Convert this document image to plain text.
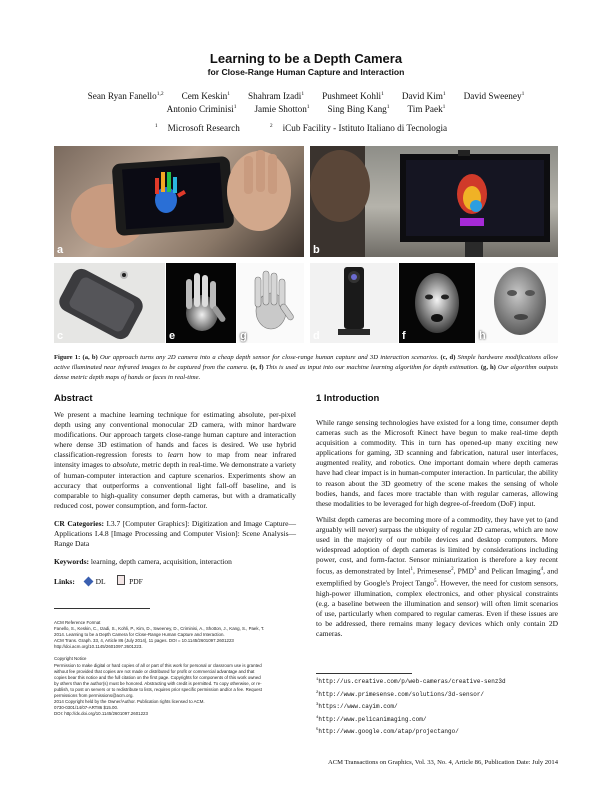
Learning to be a Depth Camera
for Close-Range Human Capture and Interaction
Sean Ryan Fanello$^{1,2}$ Cem Keskin$^1$ Shahram Izadi$^1$ Pushmeet Kohli$^1$ David Kim$^1$ David Sweeney$^1$
Antonio Criminisi$^1$ Jamie Shotton$^1$ Sing Bing Kang$^1$ Tim Paek$^1$
$^1$ Microsoft Research	$^2$ iCub Facility - Istituto Italiano di Tecnologia
a	b
c	e	g	d	f	h
Figure 1: (a, b) Our approach turns any 2D camera into a cheap depth sensor for close-range human capture and 3D interaction scenarios. (c, d) Simple hardware modifications allow active illuminated near infrared images to be captured from the camera. (e, f) This is used as input into our machine learning algorithm for depth estimation. (g, h) Our algorithm outputs dense metric depth maps of hands or faces in real-time.
Abstract

We present a machine learning technique for estimating absolute, per-pixel depth using any conventional monocular 2D camera, with minor hardware modifications. Our approach targets close-range human capture and interaction where dense 3D estimation of hands and faces is desired. We use hybrid classification-regression forests to learn how to map from near infrared intensity images to absolute, metric depth in real-time. We demonstrate a variety of human-computer interaction and capture scenarios. Experiments show an accuracy that outperforms a conventional light fall-off baseline, and is comparable to high-quality consumer depth cameras, but with a dramatically reduced cost, power consumption, and form-factor.

CR Categories: I.3.7 [Computer Graphics]: Digitization and Image Capture—Applications I.4.8 [Image Processing and Computer Vision]: Scene Analysis—Range Data

Keywords: learning, depth camera, acquisition, interaction

Links:	DL	PDF

ACM Reference Format
Fanello, S., Keskin, C., Izadi, S., Kohli, P., Kim, D., Sweeney, D., Criminisi, A., Shotton, J., Kang, S., Paek, T.
2014. Learning to be a Depth Camera for Close-Range Human Capture and Interaction.
ACM Trans. Graph. 33, 4, Article 86 (July 2014), 11 pages. DOI = 10.1145/2601097.2601223
http://doi.acm.org/10.1145/2601097.2601223.
Copyright Notice
Permission to make digital or hard copies of all or part of this work for personal or classroom use is granted
without fee provided that copies are not made or distributed for profit or commercial advantage and that
copies bear this notice and the full citation on the first page. Copyrights for components of this work owned
by others than the author(s) must be honored. Abstracting with credit is permitted. To copy otherwise, or re-
publish, to post on servers or to redistribute to lists, requires prior specific permission and/or a fee. Request
permissions from permissions@acm.org.
2014 Copyright held by the Owner/Author. Publication rights licensed to ACM.
0730-0301/14/07-ART86 $15.00.
DOI: http://dx.doi.org/10.1145/2601097.2601223
1 Introduction

While range sensing technologies have existed for a long time, consumer depth cameras such as the Microsoft Kinect have begun to make real-time depth acquisition a commodity. This in turn has opened-up many exciting new applications for gaming, 3D scanning and fabrication, natural user interfaces, augmented reality, and robotics. One important domain where depth cameras have had clear impact is in human-computer interaction. In particular, the ability to reason about the 3D geometry of the scene makes the sensing of whole bodies, hands, and faces more tractable than with regular cameras, allowing these modalities to be leveraged for high degree-of-freedom (DoF) input.

Whilst depth cameras are becoming more of a commodity, they have yet to (and arguably will never) surpass the ubiquity of regular 2D cameras, which are now used in the majority of our mobile devices and desktop computers. More widespread adoption of depth cameras is limited by considerations including power, cost, and form-factor. Sensor miniaturization is therefore a key recent focus, as demonstrated by Intel$^1$, Primesense$^2$, PMD$^3$ and Pelican Imaging$^4$, and exemplified by Google's Project Tango$^5$. However, the need for custom sensors, high-power illumination, complex electronics, and other physical constraints (e.g. a baseline between the illumination and sensor) will often limit scenarios of use, particularly when compared to regular cameras. Even if these issues are to be addressed, there remains many legacy devices which only contain 2D cameras.

$^1$http://us.creative.com/p/web-cameras/creative-senz3d
$^2$http://www.primesense.com/solutions/3d-sensor/
$^3$https://www.cayim.com/
$^4$http://www.pelicanimaging.com/
$^5$http://www.google.com/atap/projectango/
ACM Transactions on Graphics, Vol. 33, No. 4, Article 86, Publication Date: July 2014
